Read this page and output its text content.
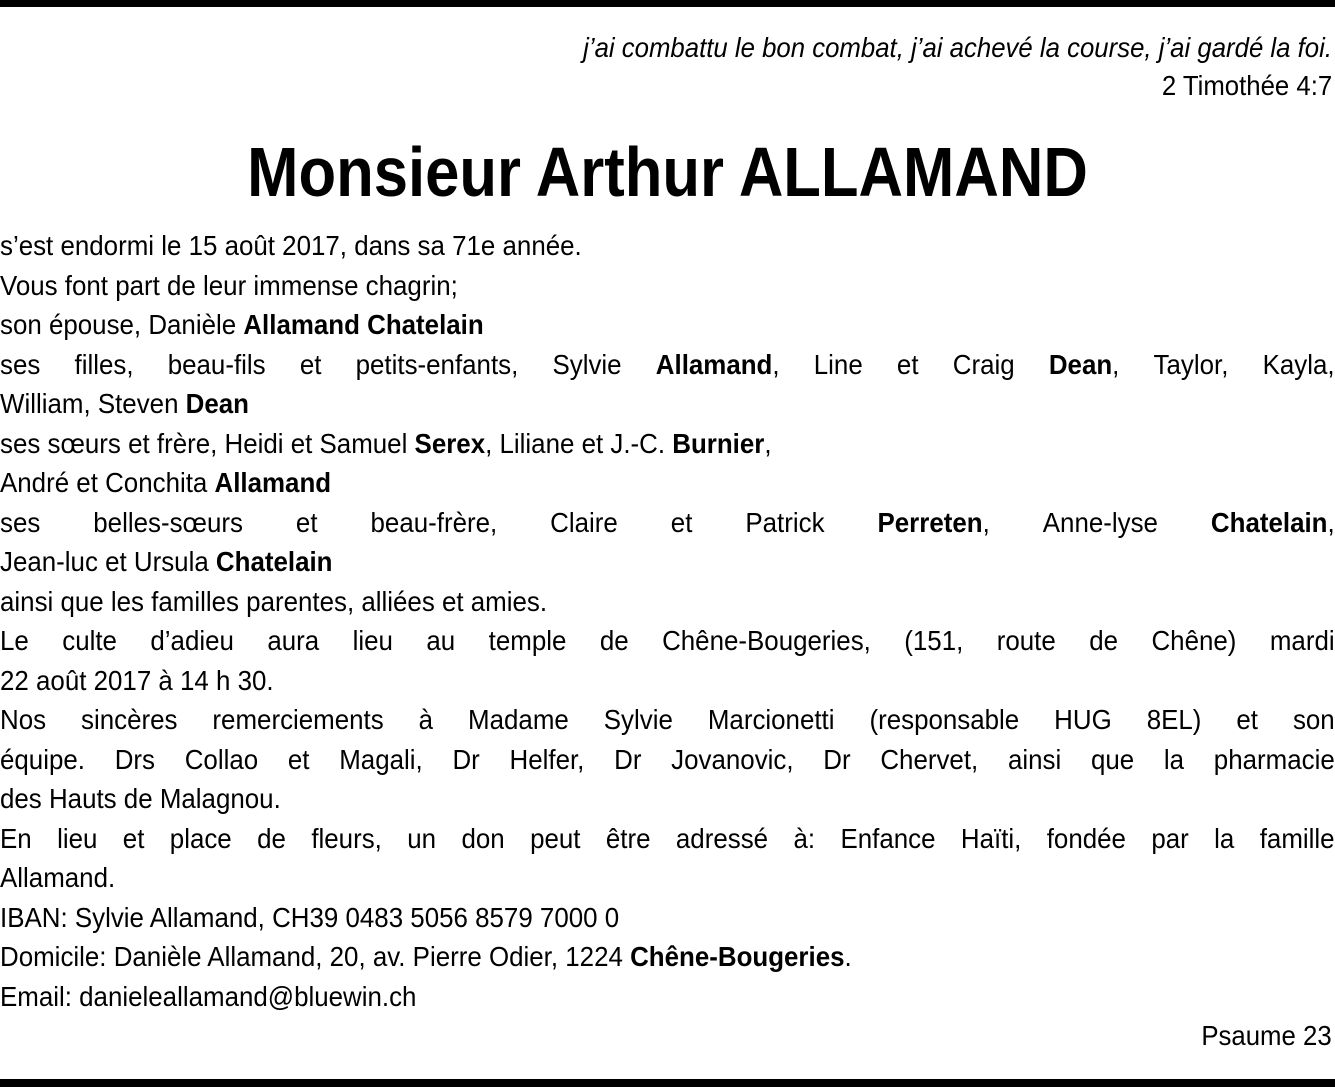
j’ai combattu le bon combat, j’ai achevé la course, j’ai gardé la foi.
2 Timothée 4:7
Monsieur Arthur ALLAMAND
s’est endormi le 15 août 2017, dans sa 71e année.
Vous font part de leur immense chagrin;
son épouse, Danièle Allamand Chatelain
ses filles, beau-fils et petits-enfants, Sylvie Allamand, Line et Craig Dean, Taylor, Kayla,
William, Steven Dean
ses sœurs et frère, Heidi et Samuel Serex, Liliane et J.-C. Burnier,
André et Conchita Allamand
ses belles-sœurs et beau-frère, Claire et Patrick Perreten, Anne-lyse Chatelain,
Jean-luc et Ursula Chatelain
ainsi que les familles parentes, alliées et amies.
Le culte d’adieu aura lieu au temple de Chêne-Bougeries, (151, route de Chêne) mardi
22 août 2017 à 14 h 30.
Nos sincères remerciements à Madame Sylvie Marcionetti (responsable HUG 8EL) et son
équipe. Drs Collao et Magali, Dr Helfer, Dr Jovanovic, Dr Chervet, ainsi que la pharmacie
des Hauts de Malagnou.
En lieu et place de fleurs, un don peut être adressé à: Enfance Haïti, fondée par la famille
Allamand.
IBAN: Sylvie Allamand, CH39 0483 5056 8579 7000 0
Domicile: Danièle Allamand, 20, av. Pierre Odier, 1224 Chêne-Bougeries.
Email: danieleallamand@bluewin.ch
Psaume 23
